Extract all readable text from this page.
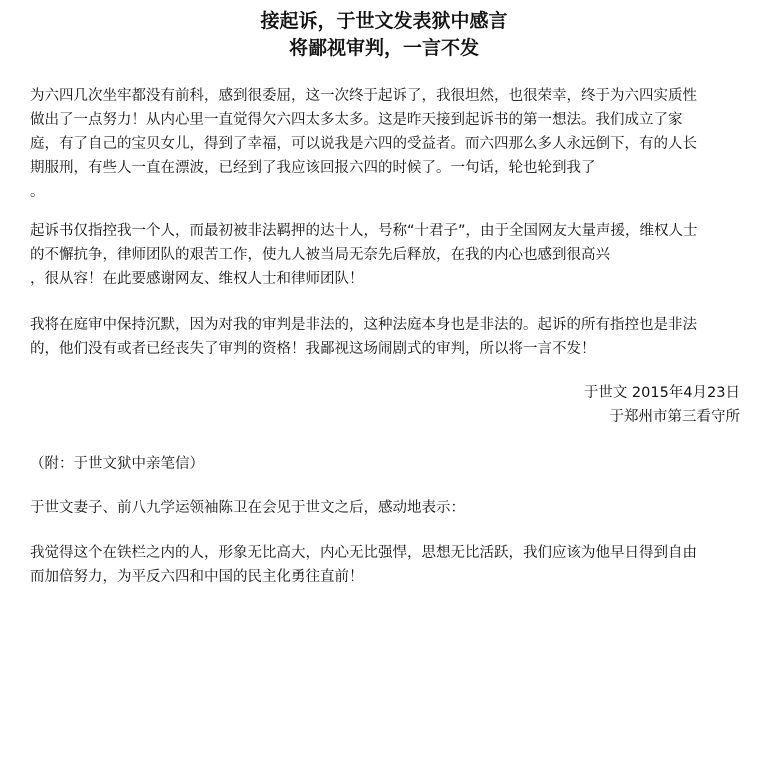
接起诉，于世文发表狱中感言
将鄙视审判，一言不发

为六四几次坐牢都没有前科，感到很委屈，这一次终于起诉了，我很坦然，也很荣幸，终于为六四实质性
做出了一点努力！从内心里一直觉得欠六四太多太多。这是昨天接到起诉书的第一想法。我们成立了家
庭，有了自己的宝贝女儿，得到了幸福，可以说我是六四的受益者。而六四那么多人永远倒下，有的人长
期服刑，有些人一直在漂波，已经到了我应该回报六四的时候了。一句话，轮也轮到我了
。

起诉书仅指控我一个人，而最初被非法羁押的达十人，号称“十君子”，由于全国网友大量声援，维权人士
的不懈抗争，律师团队的艰苦工作，使九人被当局无奈先后释放，在我的内心也感到很高兴
，很从容！在此要感谢网友、维权人士和律师团队！

我将在庭审中保持沉默，因为对我的审判是非法的，这种法庭本身也是非法的。起诉的所有指控也是非法
的，他们没有或者已经丧失了审判的资格！我鄙视这场闹剧式的审判，所以将一言不发！

于世文 2015年4月23日
于郑州市第三看守所

（附：于世文狱中亲笔信）

于世文妻子、前八九学运领袖陈卫在会见于世文之后，感动地表示：

我觉得这个在铁栏之内的人，形象无比高大，内心无比强悍，思想无比活跃，我们应该为他早日得到自由
而加倍努力，为平反六四和中国的民主化勇往直前！
